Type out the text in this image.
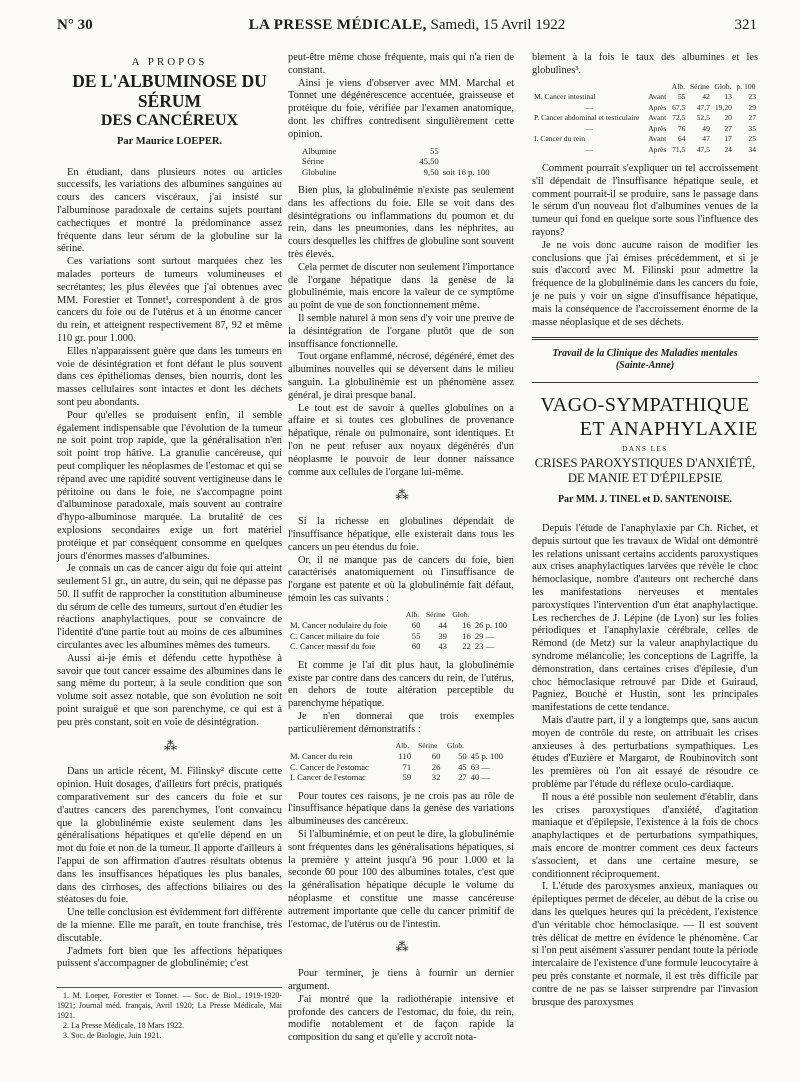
N° 30	LA PRESSE MÉDICALE, Samedi, 15 Avril 1922	321
A PROPOS
DE L'ALBUMINOSE DU SÉRUM
DES CANCÉREUX
Par Maurice LOEPER.

En étudiant, dans plusieurs notes ou articles successifs, les variations des albumines sanguines au cours des cancers viscéraux, j'ai insisté sur l'albuminose paradoxale de certains sujets pourtant cachectiques et montré la prédominance assez fréquente dans leur sérum de la globuline sur la sérine.

Ces variations sont surtout marquées chez les malades porteurs de tumeurs volumineuses et secrétantes; les plus élevées que j'ai obtenues avec MM. Forestier et Tonnet¹, correspondent à de gros cancers du foie ou de l'utérus et à un énorme cancer du rein, et atteignent respectivement 87, 92 et même 110 gr. pour 1.000.

Elles n'apparaissent guère que dans les tumeurs en voie de désintégration et font défaut le plus souvent dans ces épithéliomas denses, bien nourris, dont les masses cellulaires sont intactes et dont les déchets sont peu abondants.

Pour qu'elles se produisent enfin, il semble également indispensable que l'évolution de la tumeur ne soit point trop rapide, que la généralisation n'en soit point trop hâtive. La granulie cancéreuse, qui peut compliquer les néoplasmes de l'estomac et qui se répand avec une rapidité souvent vertigineuse dans le péritoine ou dans le foie, ne s'accompagne point d'albuminose paradoxale, mais souvent au contraire d'hypo-albuminose marquée. La brutalité de ces explosions secondaires exige un fort matériel protéique et par conséquent consomme en quelques jours d'énormes masses d'albumines.

Je connais un cas de cancer aigu du foie qui atteint seulement 51 gr., un autre, du sein, qui ne dépasse pas 50. Il suffit de rapprocher la constitution albumineuse du sérum de celle des tumeurs, surtout d'en étudier les réactions anaphylactiques, pour se convaincre de l'identité d'une partie tout au moins de ces albumines circulantes avec les albumines mêmes des tumeurs.

Aussi ai-je émis et défendu cette hypothèse à savoir que tout cancer essaime des albumines dans le sang même du porteur, à la seule condition que son volume soit assez notable, que son évolution ne soit point suraiguë et que son parenchyme, ce qui est à peu près constant, soit en voie de désintégration.

⁂

Dans un article récent, M. Filinsky² discute cette opinion. Huit dosages, d'ailleurs fort précis, pratiqués comparativement sur des cancers du foie et sur d'autres cancers des parenchymes, l'ont convaincu que la globulinémie existe seulement dans les généralisations hépatiques et qu'elle dépend en un mot du foie et non de la tumeur. Il apporte d'ailleurs à l'appui de son affirmation d'autres résultats obtenus dans les insuffisances hépatiques les plus banales, dans des cirrhoses, des affections biliaires ou des stéatoses du foie.

Une telle conclusion est évidemment fort différente de la mienne. Elle me paraît, en toute franchise, très discutable.

J'admets fort bien que les affections hépatiques puissent s'accompagner de globulinémie; c'est

1. M. Loeper, Forestier et Tonnet. — Soc. de Biol., 1919-1920-1921; Journal méd. français, Avril 1920; La Presse Médicale, Mai 1921.
2. La Presse Médicale, 18 Mars 1922.
3. Soc. de Biologie, Juin 1921.

peut-être même chose fréquente, mais qui n'a rien de constant.

Ainsi je viens d'observer avec MM. Marchal et Tonnet une dégénérescence accentuée, graisseuse et protéique du foie, vérifiée par l'examen anatomique, dont les chiffres contredisent singulièrement cette opinion.

Albumine	55	
Sérine	45,50	
Globuline	9,50	soit 16 p. 100

Bien plus, la globulinémie n'existe pas seulement dans les affections du foie. Elle se voit dans des désintégrations ou inflammations du poumon et du rein, dans les pneumonies, dans les néphrites, au cours desquelles les chiffres de globuline sont souvent très élevés.

Cela permet de discuter non seulement l'importance de l'organe hépatique dans la genèse de la globulinémie, mais encore la valeur de ce symptôme au point de vue de son fonctionnement même.

Il semble naturel à mon sens d'y voir une preuve de la désintégration de l'organe plutôt que de son insuffisance fonctionnelle.

Tout organe enflammé, nécrosé, dégénéré, émet des albumines nouvelles qui se déversent dans le milieu sanguin. La globulinémie est un phénomène assez général, je dirai presque banal.

Le tout est de savoir à quelles globulines on a affaire et si toutes ces globulines de provenance hépatique, rénale ou pulmonaire, sont identiques. Et l'on ne peut refuser aux noyaux dégénérés d'un néoplasme le pouvoir de leur donner naissance comme aux cellules de l'organe lui-même.

⁂

Si la richesse en globulines dépendait de l'insuffisance hépatique, elle existerait dans tous les cancers un peu étendus du foie.

Or, il ne manque pas de cancers du foie, bien caractérisés anatomiquement où l'insuffisance de l'organe est patente et où la globulinémie fait défaut, témoin les cas suivants :

	Alb.	Sérine	Glob.	
M. Cancer nodulaire du foie	60	44	16	26 p. 100
C. Cancer miliaire du foie	55	39	16	29 —
C. Cancer massif du foie	60	43	22	23 —

Et comme je l'ai dit plus haut, la globulinémie existe par contre dans des cancers du rein, de l'utérus, en dehors de toute altération perceptible du parenchyme hépatique.

Je n'en donnerai que trois exemples particulièrement démonstratifs :

	Alb.	Sérine	Glob.	
M. Cancer du rein	110	60	50	45 p. 100
C. Cancer de l'estomac	71	26	45	63 —
I. Cancer de l'estomac	59	32	27	40 —

Pour toutes ces raisons, je ne crois pas au rôle de l'insuffisance hépatique dans la genèse des variations albumineuses des cancéreux.

Si l'albuminémie, et on peut le dire, la globulinémie sont fréquentes dans les généralisations hépatiques, si la première y atteint jusqu'à 96 pour 1.000 et la seconde 60 pour 100 des albumines totales, c'est que la généralisation hépatique décuple le volume du néoplasme et constitue une masse cancéreuse autrement importante que celle du cancer primitif de l'estomac, de l'utérus ou de l'intestin.

⁂

Pour terminer, je tiens à fournir un dernier argument.

J'ai montré que la radiothérapie intensive et profonde des cancers de l'estomac, du foie, du rein, modifie notablement et de façon rapide la composition du sang et qu'elle y accroît nota-

blement à la fois le taux des albumines et les globulines³.

		Alb.	Sérine	Glob.	p. 100
M. Cancer intestinal	Avant	55	42	13	23
—	Après	67,5	47,7	19,20	29
P. Cancer abdominal et testiculaire	Avant	72,5	52,5	20	27
—	Après	76	49	27	35
I. Cancer du rein	Avant	64	47	17	25
—	Après	71,5	47,5	24	34

Comment pourrait s'expliquer un tel accroissement s'il dépendait de l'insuffisance hépatique seule, et comment pourrait-il se produire, sans le passage dans le sérum d'un nouveau flot d'albumines venues de la tumeur qui fond en quelque sorte sous l'influence des rayons?

Je ne vois donc aucune raison de modifier les conclusions que j'ai émises précédemment, et si je suis d'accord avec M. Filinski pour admettre la fréquence de la globulinémie dans les cancers du foie, je ne puis y voir un signe d'insuffisance hépatique, mais la conséquence de l'accroissement énorme de la masse néoplasique et de ses déchets.

Travail de la Clinique des Maladies mentales
(Sainte-Anne)
VAGO-SYMPATHIQUE
ET ANAPHYLAXIE
DANS LES
CRISES PAROXYSTIQUES D'ANXIÉTÉ,
DE MANIE ET D'ÉPILEPSIE
Par MM. J. TINEL et D. SANTENOISE.

Depuis l'étude de l'anaphylaxie par Ch. Richet, et depuis surtout que les travaux de Widal ont démontré les relations unissant certains accidents paroxystiques aux crises anaphylactiques larvées que révèle le choc hémoclasique, nombre d'auteurs ont recherché dans les manifestations nerveuses et mentales paroxystiques l'intervention d'un état anaphylactique. Les recherches de J. Lépine (de Lyon) sur les folies périodiques et l'anaphylaxie cérébrale, celles de Rémond (de Metz) sur la valeur anaphylactique du syndrome mélancolie; les conceptions de Lagriffe, la démonstration, dans certaines crises d'épilesie, d'un choc hémoclasique retrouvé par Dide et Guiraud, Pagniez, Bouché et Hustin, sont les principales manifestations de cette tendance.

Mais d'autre part, il y a longtemps que, sans aucun moyen de contrôle du reste, on attribuait les crises anxieuses à des perturbations sympathiques. Les études d'Euzière et Margarot, de Roubinovitch sont les premières où l'on ait essayé de résoudre ce problème par l'étude du réflexe oculo-cardiaque.

Il nous a été possible non seulement d'établir, dans les crises paroxystiques d'anxiété, d'agitation maniaque et d'épilepsie, l'existence à la fois de chocs anaphylactiques et de perturbations sympathiques, mais encore de montrer comment ces deux facteurs s'associent, et dans une certaine mesure, se conditionnent réciproquement.

I. L'étude des paroxysmes anxieux, maniaques ou épileptiques permet de déceler, au début de la crise ou dans les quelques heures qui la précèdent, l'existence d'un véritable choc hémoclasique. — Il est souvent très délicat de mettre en évidence le phénomène. Car si l'on peut aisément s'assurer pendant toute la période intercalaire de l'existence d'une formule leucocytaire à peu près constante et normale, il est très difficile par contre de ne pas se laisser surprendre par l'invasion brusque des paroxysmes
